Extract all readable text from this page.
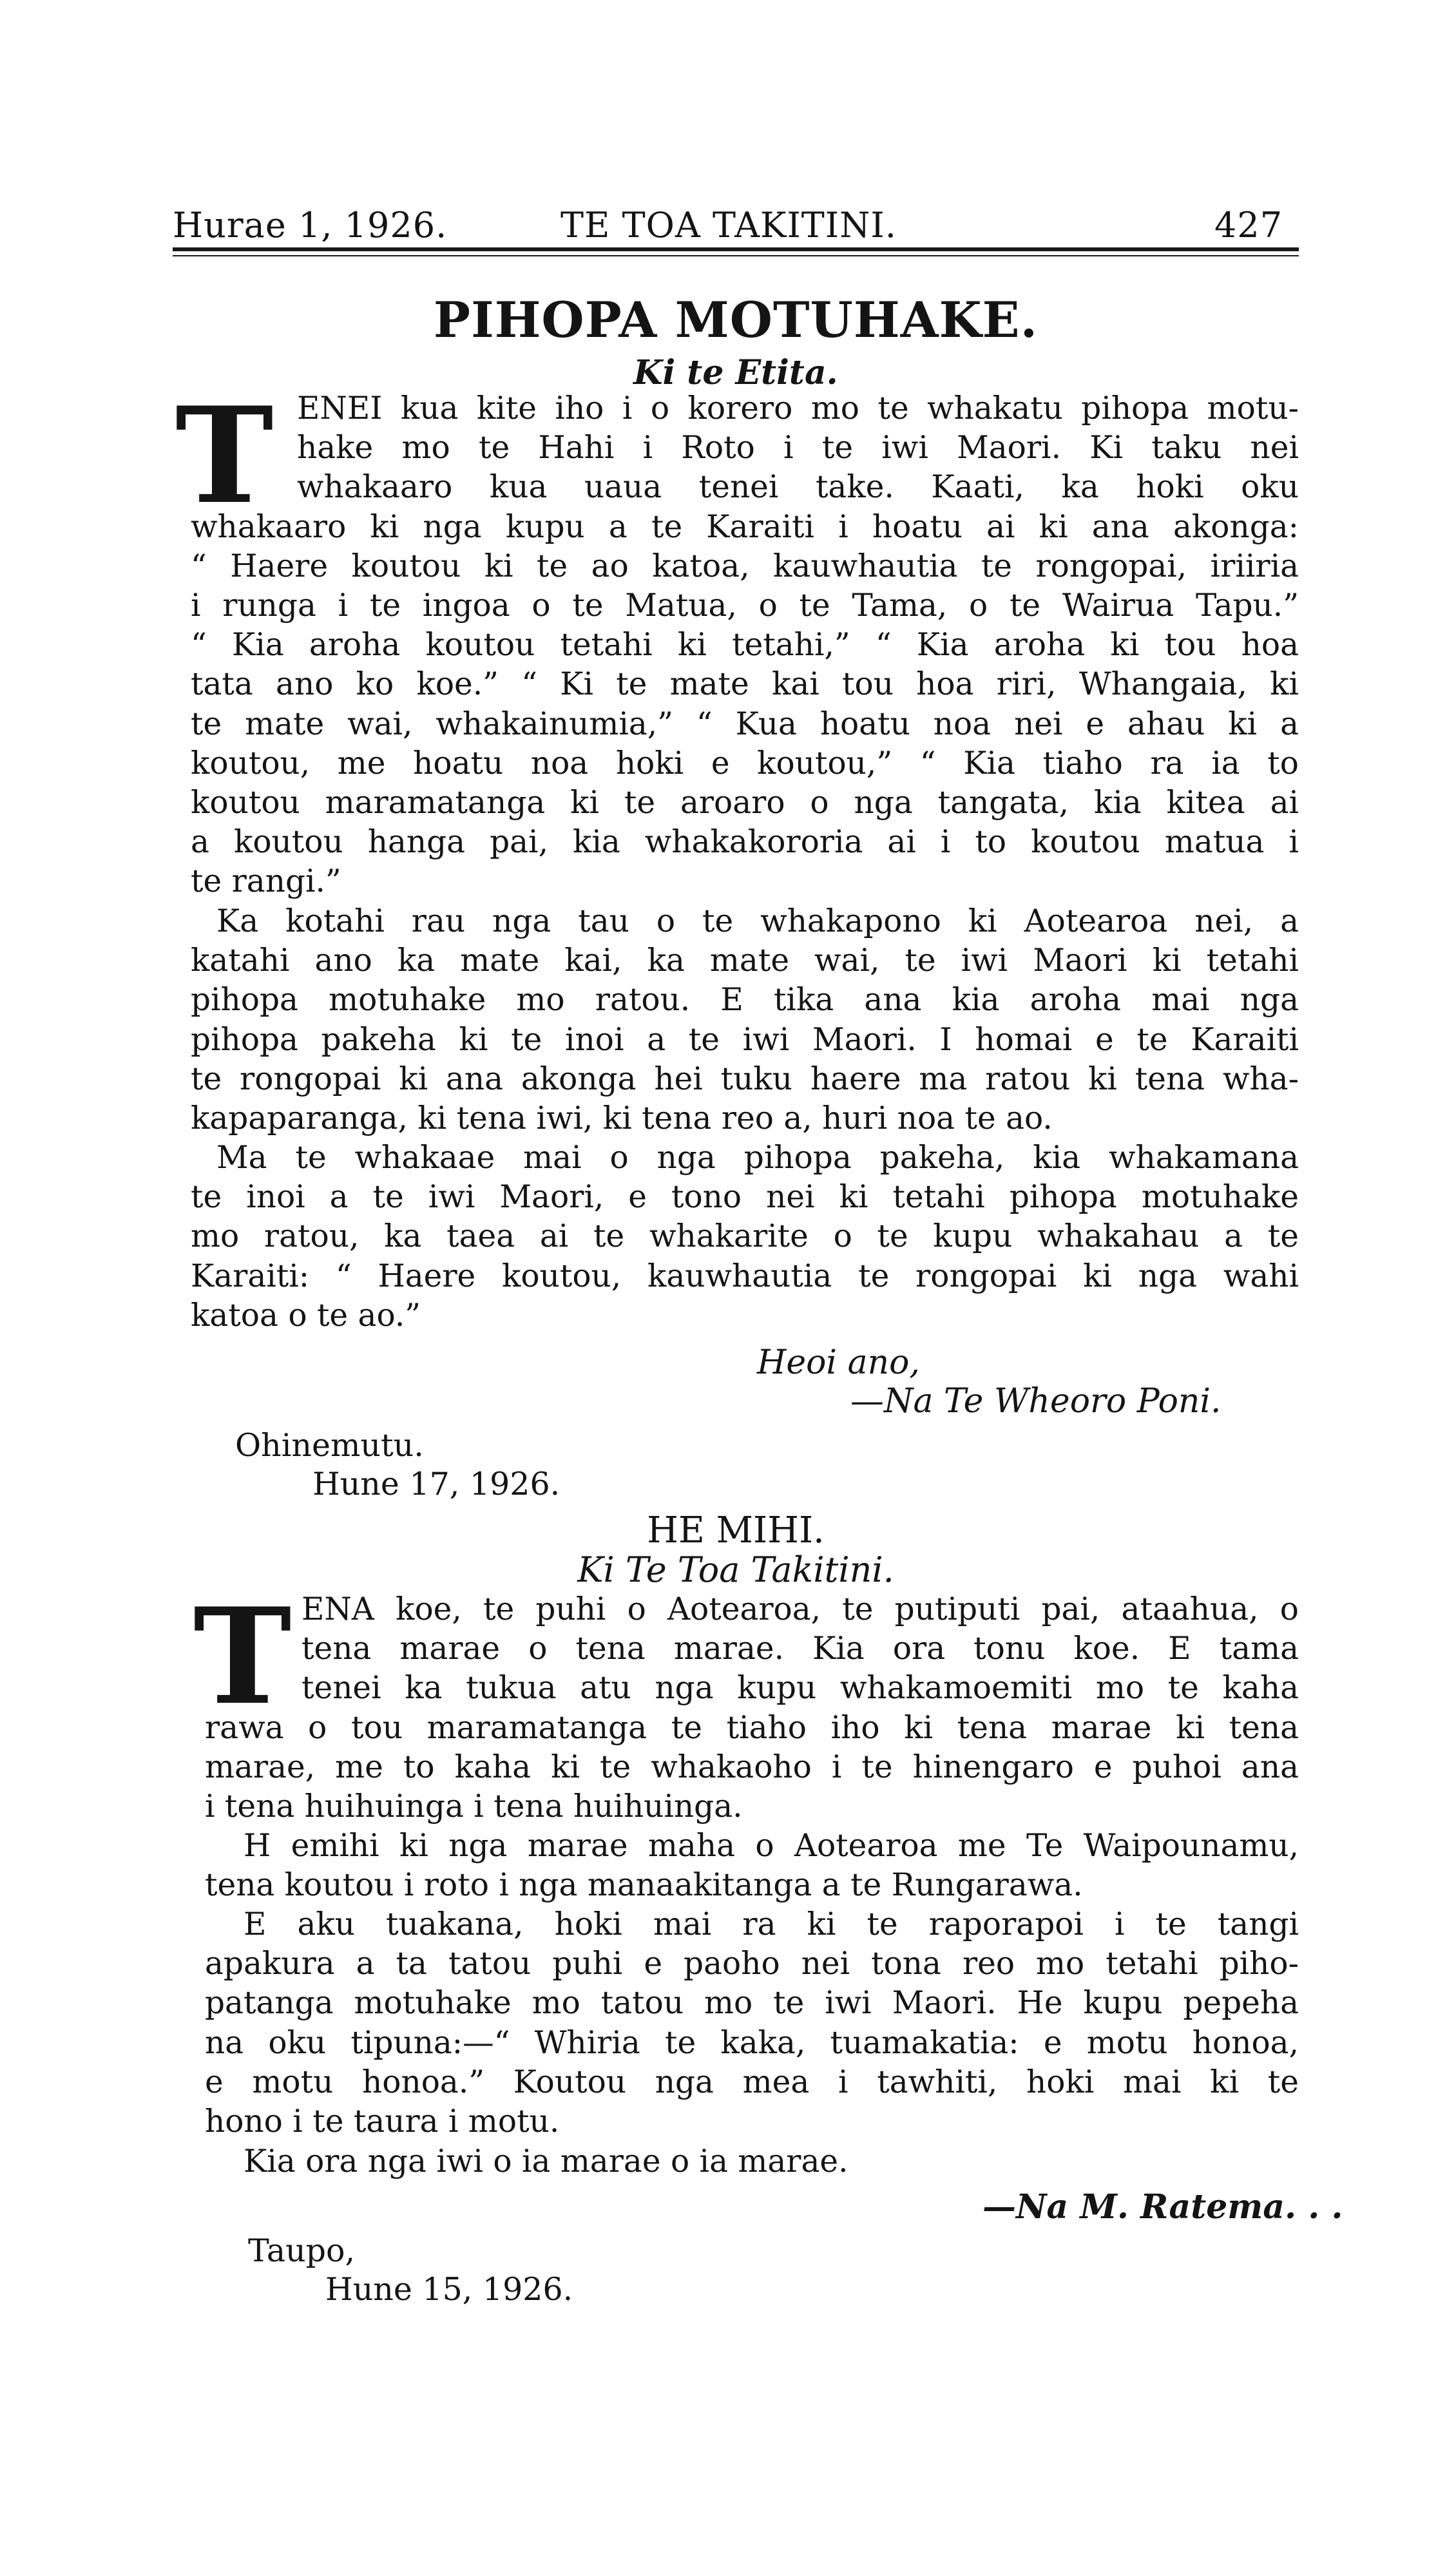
Hurae 1, 1926.	TE TOA TAKITINI.	427
PIHOPA MOTUHAKE.
Ki te Etita.
T ENEI kua kite iho i o korero mo te whakatu pihopa motu-
hake mo te Hahi i Roto i te iwi Maori. Ki taku nei
whakaaro kua uaua tenei take. Kaati, ka hoki oku
whakaaro ki nga kupu a te Karaiti i hoatu ai ki ana akonga:
“ Haere koutou ki te ao katoa, kauwhautia te rongopai, iriiria
i runga i te ingoa o te Matua, o te Tama, o te Wairua Tapu.”
“ Kia aroha koutou tetahi ki tetahi,” “ Kia aroha ki tou hoa
tata ano ko koe.” “ Ki te mate kai tou hoa riri, Whangaia, ki
te mate wai, whakainumia,” “ Kua hoatu noa nei e ahau ki a
koutou, me hoatu noa hoki e koutou,” “ Kia tiaho ra ia to
koutou maramatanga ki te aroaro o nga tangata, kia kitea ai
a koutou hanga pai, kia whakakororia ai i to koutou matua i
te rangi.”
Ka kotahi rau nga tau o te whakapono ki Aotearoa nei, a
katahi ano ka mate kai, ka mate wai, te iwi Maori ki tetahi
pihopa motuhake mo ratou. E tika ana kia aroha mai nga
pihopa pakeha ki te inoi a te iwi Maori. I homai e te Karaiti
te rongopai ki ana akonga hei tuku haere ma ratou ki tena wha-
kapaparanga, ki tena iwi, ki tena reo a, huri noa te ao.
Ma te whakaae mai o nga pihopa pakeha, kia whakamana
te inoi a te iwi Maori, e tono nei ki tetahi pihopa motuhake
mo ratou, ka taea ai te whakarite o te kupu whakahau a te
Karaiti: “ Haere koutou, kauwhautia te rongopai ki nga wahi
katoa o te ao.”
Heoi ano,
—Na Te Wheoro Poni.
Ohinemutu.
Hune 17, 1926.
HE MIHI.
Ki Te Toa Takitini.
T ENA koe, te puhi o Aotearoa, te putiputi pai, ataahua, o
tena marae o tena marae. Kia ora tonu koe. E tama
tenei ka tukua atu nga kupu whakamoemiti mo te kaha
rawa o tou maramatanga te tiaho iho ki tena marae ki tena
marae, me to kaha ki te whakaoho i te hinengaro e puhoi ana
i tena huihuinga i tena huihuinga.
H emihi ki nga marae maha o Aotearoa me Te Waipounamu,
tena koutou i roto i nga manaakitanga a te Rungarawa.
E aku tuakana, hoki mai ra ki te raporapoi i te tangi
apakura a ta tatou puhi e paoho nei tona reo mo tetahi piho-
patanga motuhake mo tatou mo te iwi Maori. He kupu pepeha
na oku tipuna:—“ Whiria te kaka, tuamakatia: e motu honoa,
e motu honoa.” Koutou nga mea i tawhiti, hoki mai ki te
hono i te taura i motu.
Kia ora nga iwi o ia marae o ia marae.
—Na M. Ratema. . .
Taupo,
Hune 15, 1926.
